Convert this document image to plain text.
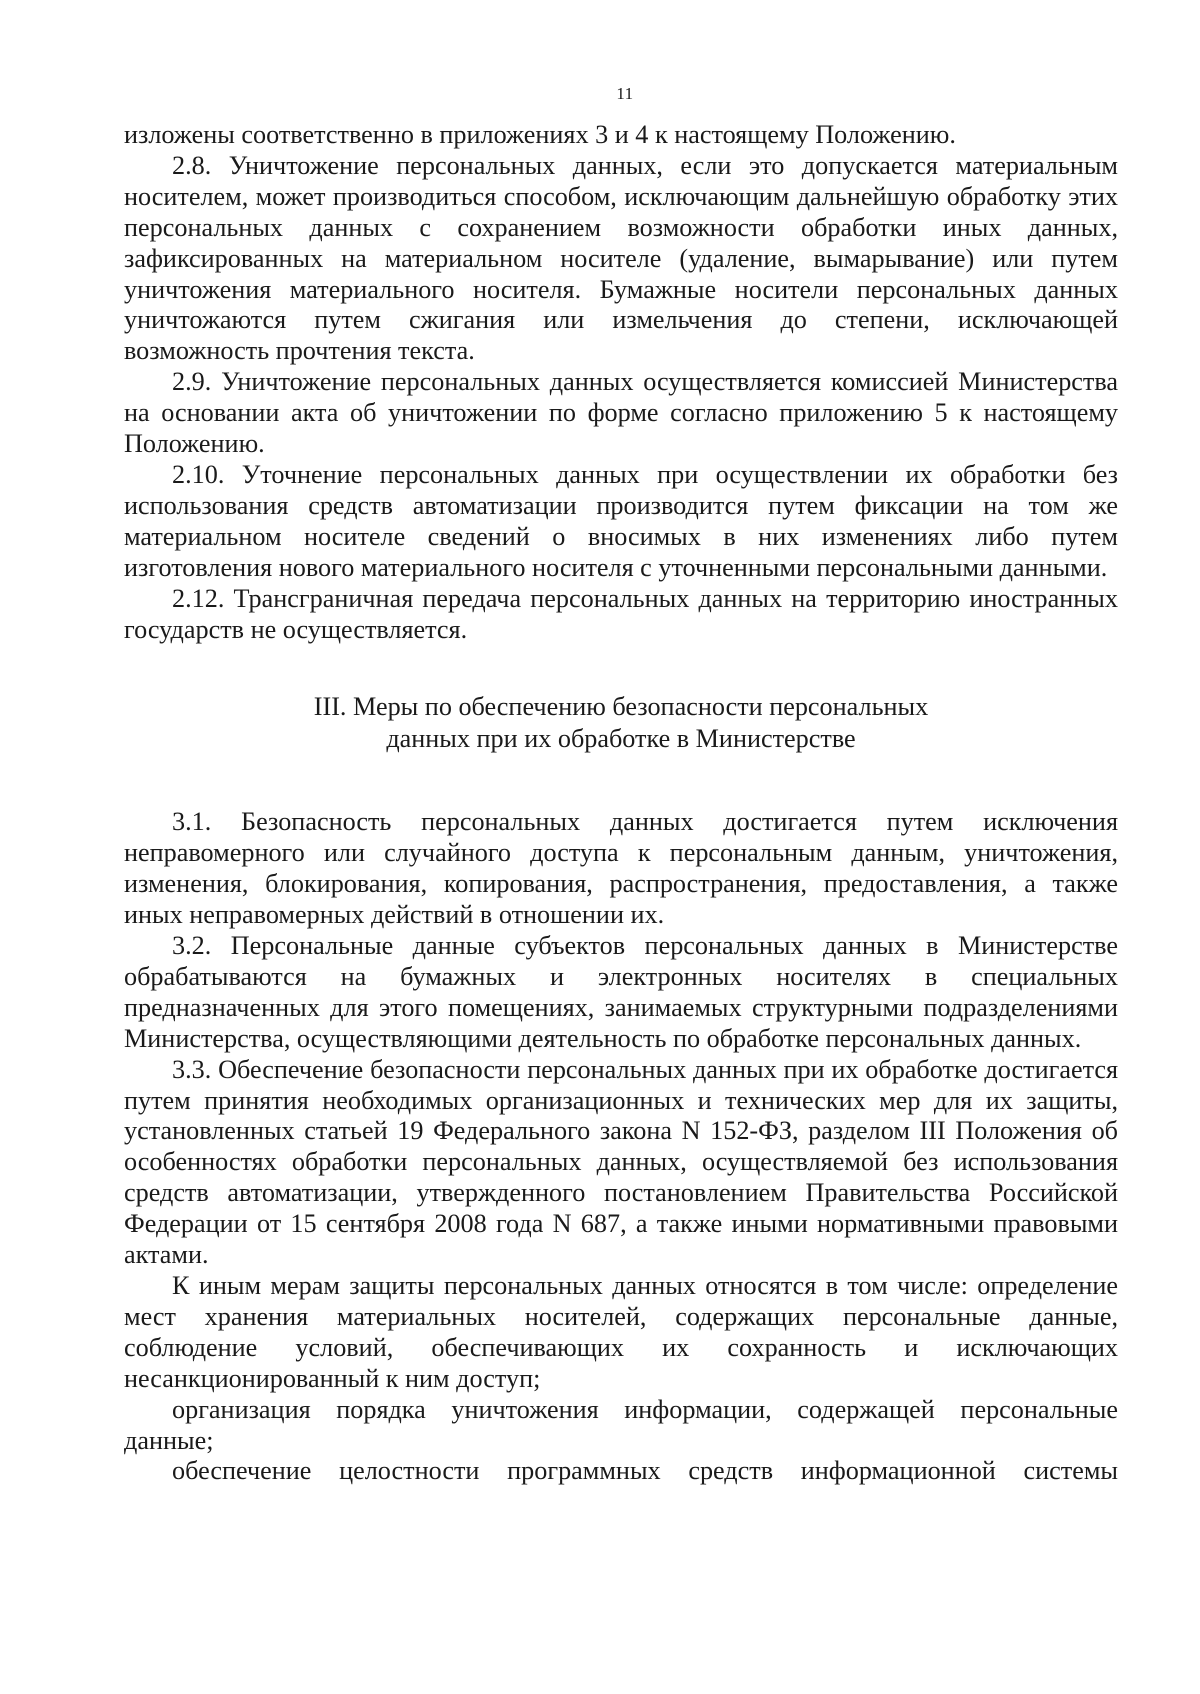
11

изложены соответственно в приложениях 3 и 4 к настоящему Положению.

2.8. Уничтожение персональных данных, если это допускается материальным носителем, может производиться способом, исключающим дальнейшую обработку этих персональных данных с сохранением возможности обработки иных данных, зафиксированных на материальном носителе (удаление, вымарывание) или путем уничтожения материального носителя. Бумажные носители персональных данных уничтожаются путем сжигания или измельчения до степени, исключающей возможность прочтения текста.

2.9. Уничтожение персональных данных осуществляется комиссией Министерства на основании акта об уничтожении по форме согласно приложению 5 к настоящему Положению.

2.10. Уточнение персональных данных при осуществлении их обработки без использования средств автоматизации производится путем фиксации на том же материальном носителе сведений о вносимых в них изменениях либо путем изготовления нового материального носителя с уточненными персональными данными.

2.12. Трансграничная передача персональных данных на территорию иностранных государств не осуществляется.

III. Меры по обеспечению безопасности персональных
данных при их обработке в Министерстве

3.1. Безопасность персональных данных достигается путем исключения неправомерного или случайного доступа к персональным данным, уничтожения, изменения, блокирования, копирования, распространения, предоставления, а также иных неправомерных действий в отношении их.

3.2. Персональные данные субъектов персональных данных в Министерстве обрабатываются на бумажных и электронных носителях в специальных предназначенных для этого помещениях, занимаемых структурными подразделениями Министерства, осуществляющими деятельность по обработке персональных данных.

3.3. Обеспечение безопасности персональных данных при их обработке достигается путем принятия необходимых организационных и технических мер для их защиты, установленных статьей 19 Федерального закона N 152-ФЗ, разделом III Положения об особенностях обработки персональных данных, осуществляемой без использования средств автоматизации, утвержденного постановлением Правительства Российской Федерации от 15 сентября 2008 года N 687, а также иными нормативными правовыми актами.

К иным мерам защиты персональных данных относятся в том числе: определение мест хранения материальных носителей, содержащих персональные данные, соблюдение условий, обеспечивающих их сохранность и исключающих несанкционированный к ним доступ;

организация порядка уничтожения информации, содержащей персональные данные;

обеспечение целостности программных средств информационной системы
